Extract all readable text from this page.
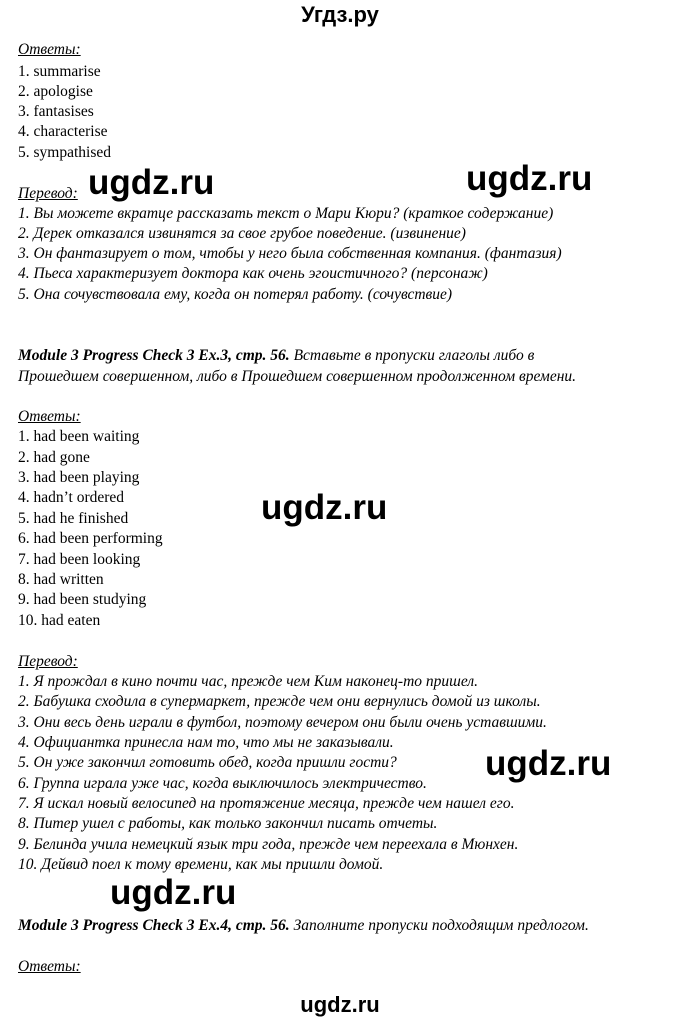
Угдз.ру
Ответы:
1. summarise
2. apologise
3. fantasises
4. characterise
5. sympathised
Перевод:
1. Вы можете вкратце рассказать текст о Мари Кюри? (краткое содержание)
2. Дерек отказался извинятся за свое грубое поведение. (извинение)
3. Он фантазирует о том, чтобы у него была собственная компания. (фантазия)
4. Пьеса характеризует доктора как очень эгоистичного? (персонаж)
5. Она сочувствовала ему, когда он потерял работу. (сочувствие)
Module 3 Progress Check 3 Ex.3, стр. 56. Вставьте в пропуски глаголы либо в
Прошедшем совершенном, либо в Прошедшем совершенном продолженном времени.
Ответы:
1. had been waiting
2. had gone
3. had been playing
4. hadn’t ordered
5. had he finished
6. had been performing
7. had been looking
8. had written
9. had been studying
10. had eaten
Перевод:
1. Я прождал в кино почти час, прежде чем Ким наконец-то пришел.
2. Бабушка сходила в супермаркет, прежде чем они вернулись домой из школы.
3. Они весь день играли в футбол, поэтому вечером они были очень уставшими.
4. Официантка принесла нам то, что мы не заказывали.
5. Он уже закончил готовить обед, когда пришли гости?
6. Группа играла уже час, когда выключилось электричество.
7. Я искал новый велосипед на протяжение месяца, прежде чем нашел его.
8. Питер ушел с работы, как только закончил писать отчеты.
9. Белинда учила немецкий язык три года, прежде чем переехала в Мюнхен.
10. Дейвид поел к тому времени, как мы пришли домой.
Module 3 Progress Check 3 Ex.4, стр. 56. Заполните пропуски подходящим предлогом.
Ответы:
ugdz.ru	ugdz.ru
ugdz.ru
ugdz.ru
ugdz.ru
ugdz.ru
